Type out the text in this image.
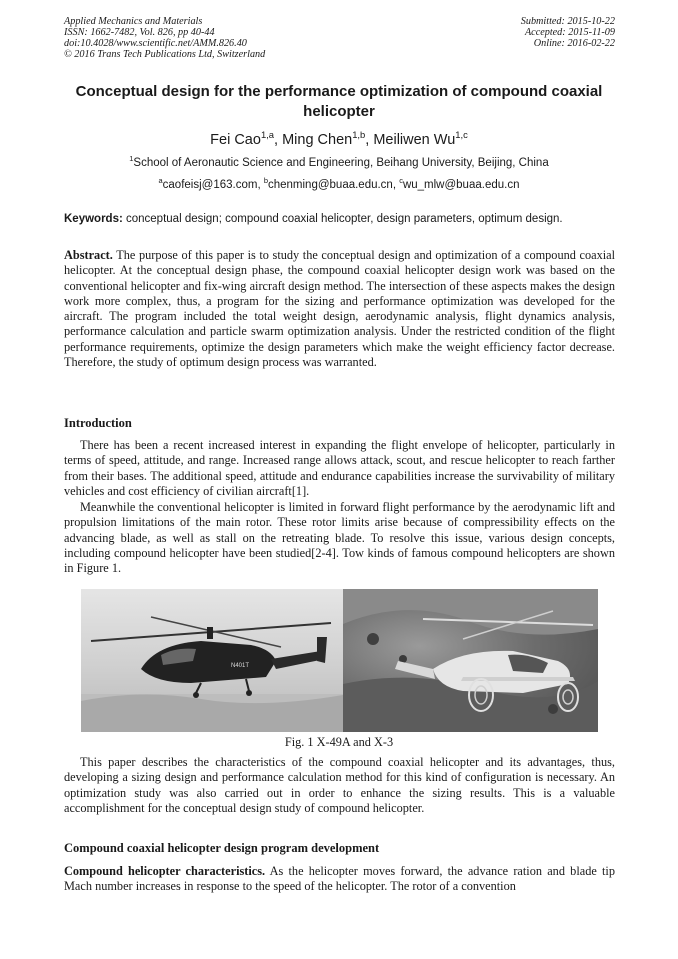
Applied Mechanics and Materials
ISSN: 1662-7482, Vol. 826, pp 40-44
doi:10.4028/www.scientific.net/AMM.826.40
© 2016 Trans Tech Publications Ltd, Switzerland
Submitted: 2015-10-22
Accepted: 2015-11-09
Online: 2016-02-22
Conceptual design for the performance optimization of compound coaxial helicopter
Fei Cao$^{1,a}$, Ming Chen$^{1,b}$, Meiliwen Wu$^{1,c}$
$^1$School of Aeronautic Science and Engineering, Beihang University, Beijing, China
$^a$caofeisj@163.com, $^b$chenming@buaa.edu.cn, $^c$wu_mlw@buaa.edu.cn
Keywords: conceptual design; compound coaxial helicopter, design parameters, optimum design.
Abstract. The purpose of this paper is to study the conceptual design and optimization of a compound coaxial helicopter. At the conceptual design phase, the compound coaxial helicopter design work was based on the conventional helicopter and fix-wing aircraft design method. The intersection of these aspects makes the design work more complex, thus, a program for the sizing and performance optimization was developed for the aircraft. The program included the total weight design, aerodynamic analysis, flight dynamics analysis, performance calculation and particle swarm optimization analysis. Under the restricted condition of the flight performance requirements, optimize the design parameters which make the weight efficiency factor decrease. Therefore, the study of optimum design process was warranted.
Introduction
There has been a recent increased interest in expanding the flight envelope of helicopter, particularly in terms of speed, attitude, and range. Increased range allows attack, scout, and rescue helicopter to reach farther from their bases. The additional speed, attitude and endurance capabilities increase the survivability of military vehicles and cost efficiency of civilian aircraft[1].
Meanwhile the conventional helicopter is limited in forward flight performance by the aerodynamic lift and propulsion limitations of the main rotor. These rotor limits arise because of compressibility effects on the advancing blade, as well as stall on the retreating blade. To resolve this issue, various design concepts, including compound helicopter have been studied[2-4]. Tow kinds of famous compound helicopters are shown in Figure 1.
N401T
Fig. 1 X-49A and X-3
This paper describes the characteristics of the compound coaxial helicopter and its advantages, thus, developing a sizing design and performance calculation method for this kind of configuration is necessary. An optimization study was also carried out in order to enhance the sizing results. This is a valuable accomplishment for the conceptual design study of compound helicopter.
Compound coaxial helicopter design program development
Compound helicopter characteristics. As the helicopter moves forward, the advance ration and blade tip Mach number increases in response to the speed of the helicopter. The rotor of a convention
